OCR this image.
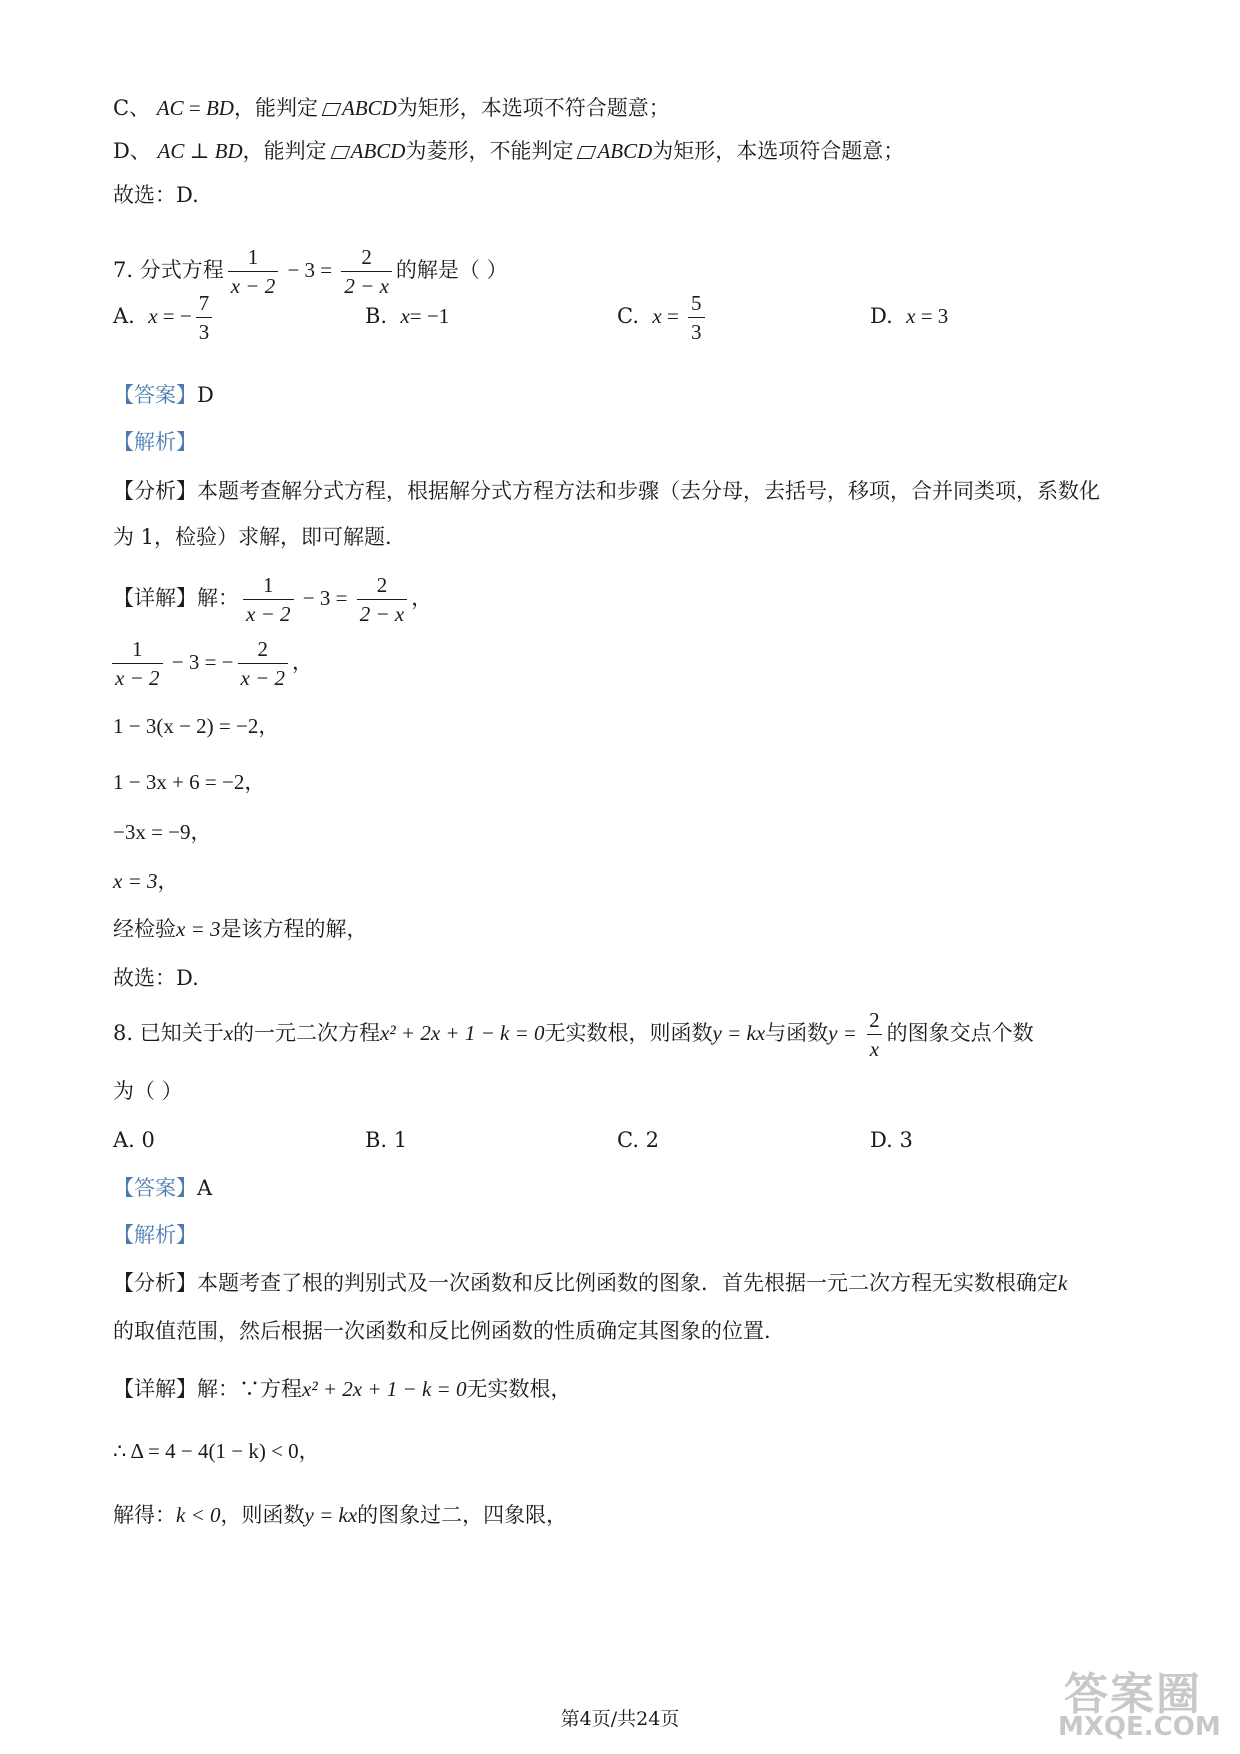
C、 AC = BD，能判定 ABCD为矩形，本选项不符合题意；
D、 AC ⊥ BD，能判定 ABCD为菱形，不能判定 ABCD为矩形，本选项符合题意；
故选：D.
7. 分式方程 $\frac{1}{x - 2} - 3 = \frac{2}{2 - x}$ 的解是（ ）
A. x = − $\frac{7}{3}$	B. x= −1	C. $x = \frac{5}{3}$	D. x = 3
【答案】D
【解析】
【分析】本题考查解分式方程，根据解分式方程方法和步骤（去分母，去括号，移项，合并同类项，系数化
为 1，检验）求解，即可解题.
【详解】解： $\frac{1}{x - 2} - 3 = \frac{2}{2 - x}$ ，
$\frac{1}{x - 2} - 3$ = − $\frac{2}{x - 2}$ ，
1 − 3(x − 2) = −2，
1 − 3x + 6 = −2，
−3x = −9，
x = 3，
经检验x = 3是该方程的解，
故选：D.
8. 已知关于x的一元二次方程x² + 2x + 1 − k = 0无实数根，则函数y = kx与函数$y = \frac{2}{x}$ 的图象交点个数
为（ ）
A. 0	B. 1	C. 2	D. 3
【答案】A
【解析】
【分析】本题考查了根的判别式及一次函数和反比例函数的图象．首先根据一元二次方程无实数根确定k
的取值范围，然后根据一次函数和反比例函数的性质确定其图象的位置.
【详解】解：∵方程x² + 2x + 1 − k = 0无实数根，
∴ Δ = 4 − 4(1 − k) < 0，
解得：k < 0，则函数y = kx的图象过二，四象限，
第4页/共24页	答案圈
MXQE.COM
